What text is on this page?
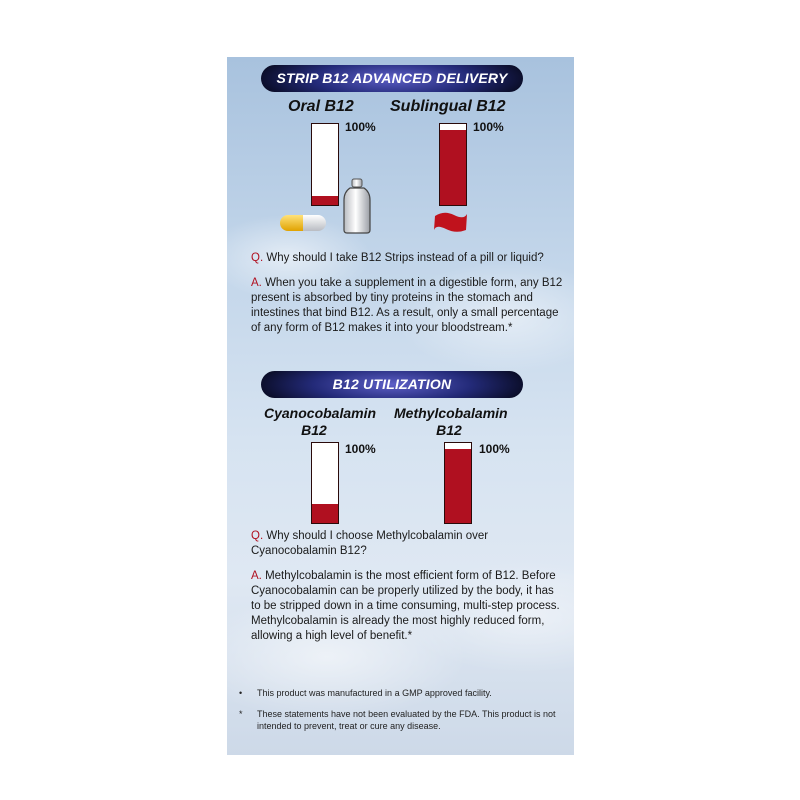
STRIP B12 ADVANCED DELIVERY
Oral B12 Sublingual B12
100%	100%
Q. Why should I take B12 Strips instead of a pill or liquid?
A. When you take a supplement in a digestible form, any B12 present is absorbed by tiny proteins in the stomach and intestines that bind B12. As a result, only a small percentage of any form of B12 makes it into your bloodstream.*
B12 UTILIZATION
Cyanocobalamin
B12
Methylcobalamin
B12
100%	100%
Q. Why should I choose Methylcobalamin over Cyanocobalamin B12?
A. Methylcobalamin is the most efficient form of B12. Before Cyanocobalamin can be properly utilized by the body, it has to be stripped down in a time consuming, multi-step process. Methylcobalamin is already the most highly reduced form, allowing a high level of benefit.*
• This product was manufactured in a GMP approved facility.
* These statements have not been evaluated by the FDA. This product is not intended to prevent, treat or cure any disease.
